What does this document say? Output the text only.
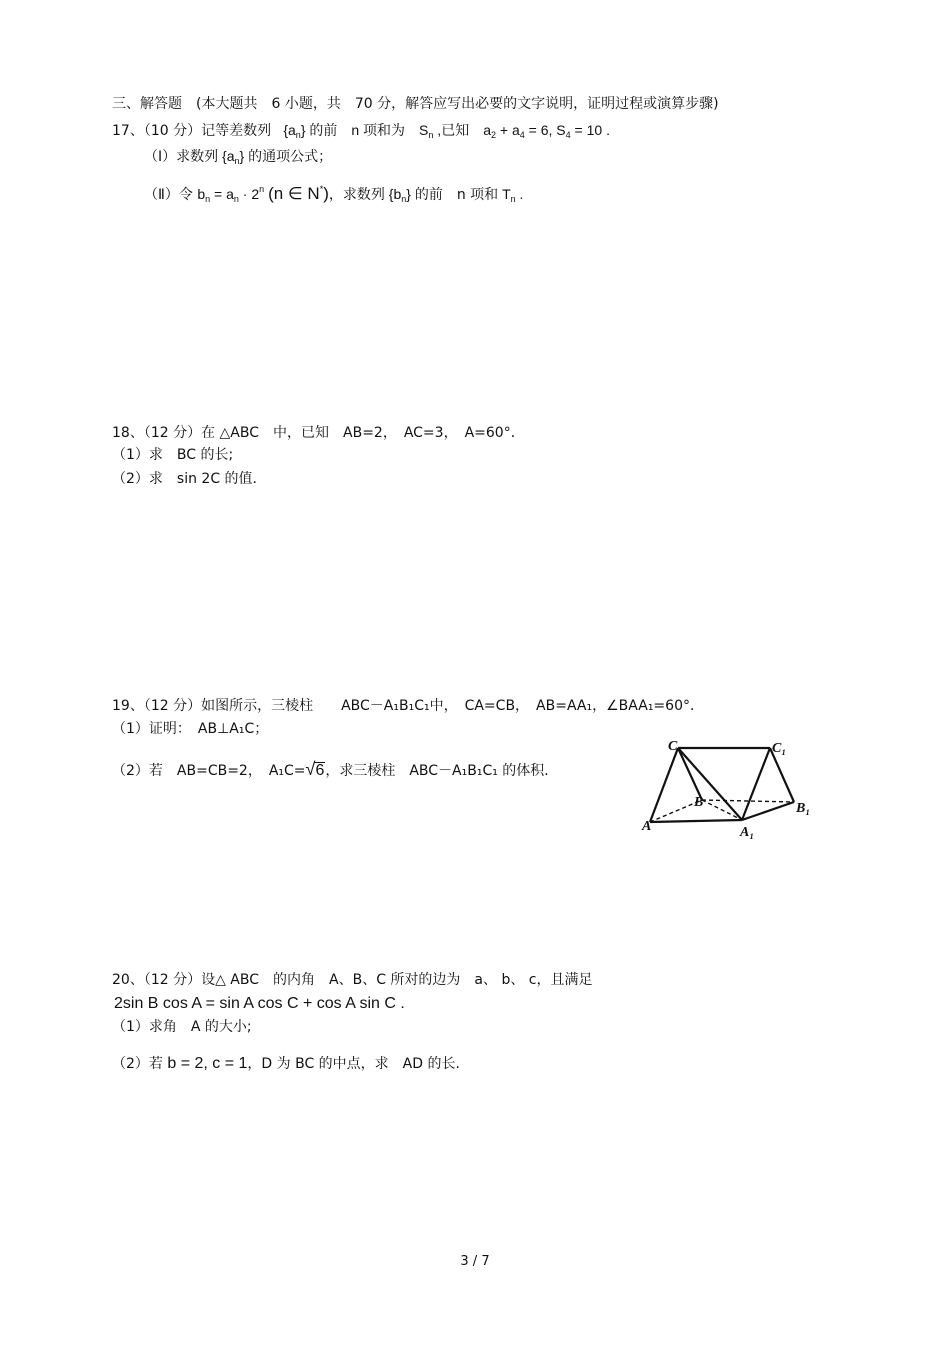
三、解答题　(本大题共　6 小题，共　70 分，解答应写出必要的文字说明，证明过程或演算步骤)
17、（10 分）记等差数列   $\{a_n\}$ 的前　n 项和为　$S_n$ ,已知　$a_2 + a_4 = 6$, $S_4 = 10$ .
（Ⅰ）求数列 $\{a_n\}$ 的通项公式；
（Ⅱ）令 $b_n = a_n \cdot 2^n$ (n ∈ N*)，求数列 $\{b_n\}$ 的前　n 项和 $T_n$ .
18、（12 分）在 △ABC　中，已知　AB=2，　AC=3，　A=60°．
（1）求　BC 的长;
（2）求　sin 2C 的值．
19、（12 分）如图所示，三棱柱　　ABC－A₁B₁C₁中，　CA=CB，　AB=AA₁，∠BAA₁=60°．
（1）证明：　AB⊥A₁C；
（2）若　AB=CB=2，　A₁C=√6，求三棱柱　ABC－A₁B₁C₁ 的体积．
C	C₁
B	B₁
A	A₁
20、（12 分）设△ ABC　的内角　A、B、C 所对的边为　a、 b、 c，且满足
2sin B cos A = sin A cos C + cos A sin C .
（1）求角　A 的大小;
（2）若 b = 2, c = 1，D 为 BC 的中点，求　AD 的长.
3 / 7
